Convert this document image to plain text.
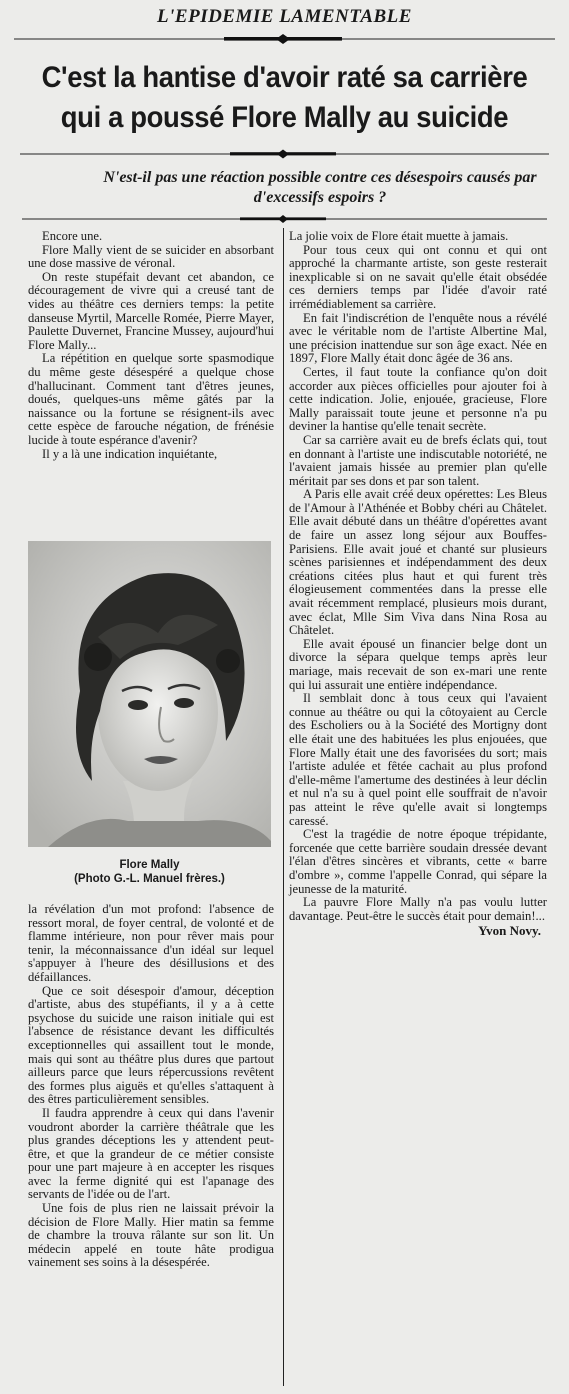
L'EPIDEMIE LAMENTABLE
C'est la hantise d'avoir raté sa carrière
qui a poussé Flore Mally au suicide
N'est-il pas une réaction possible contre ces désespoirs causés par d'excessifs espoirs ?

Encore une.

Flore Mally vient de se suicider en absorbant une dose massive de véronal.

On reste stupéfait devant cet abandon, ce découragement de vivre qui a creusé tant de vides au théâtre ces derniers temps: la petite danseuse Myrtil, Marcelle Romée, Pierre Mayer, Paulette Duvernet, Francine Mussey, aujourd'hui Flore Mally...

La répétition en quelque sorte spasmodique du même geste désespéré a quelque chose d'hallucinant. Comment tant d'êtres jeunes, doués, quelques-uns même gâtés par la naissance ou la fortune se résignent-ils avec cette espèce de farouche négation, de frénésie lucide à toute espérance d'avenir?

Il y a là une indication inquiétante,

Flore Mally
(Photo G.-L. Manuel frères.)

la révélation d'un mot profond: l'absence de ressort moral, de foyer central, de volonté et de flamme intérieure, non pour rêver mais pour tenir, la méconnaissance d'un idéal sur lequel s'appuyer à l'heure des désillusions et des défaillances.

Que ce soit désespoir d'amour, déception d'artiste, abus des stupéfiants, il y a à cette psychose du suicide une raison initiale qui est l'absence de résistance devant les difficultés exceptionnelles qui assaillent tout le monde, mais qui sont au théâtre plus dures que partout ailleurs parce que leurs répercussions revêtent des formes plus aiguës et qu'elles s'attaquent à des êtres particulièrement sensibles.

Il faudra apprendre à ceux qui dans l'avenir voudront aborder la carrière théâtrale que les plus grandes déceptions les y attendent peut-être, et que la grandeur de ce métier consiste pour une part majeure à en accepter les risques avec la ferme dignité qui est l'apanage des servants de l'idée ou de l'art.

Une fois de plus rien ne laissait prévoir la décision de Flore Mally. Hier matin sa femme de chambre la trouva râlante sur son lit. Un médecin appelé en toute hâte prodigua vainement ses soins à la désespérée.

La jolie voix de Flore était muette à jamais.

Pour tous ceux qui ont connu et qui ont approché la charmante artiste, son geste resterait inexplicable si on ne savait qu'elle était obsédée ces derniers temps par l'idée d'avoir raté irrémédiablement sa carrière.

En fait l'indiscrétion de l'enquête nous a révélé avec le véritable nom de l'artiste Albertine Mal, une précision inattendue sur son âge exact. Née en 1897, Flore Mally était donc âgée de 36 ans.

Certes, il faut toute la confiance qu'on doit accorder aux pièces officielles pour ajouter foi à cette indication. Jolie, enjouée, gracieuse, Flore Mally paraissait toute jeune et personne n'a pu deviner la hantise qu'elle tenait secrète.

Car sa carrière avait eu de brefs éclats qui, tout en donnant à l'artiste une indiscutable notoriété, ne l'avaient jamais hissée au premier plan qu'elle méritait par ses dons et par son talent.

A Paris elle avait créé deux opérettes: Les Bleus de l'Amour à l'Athénée et Bobby chéri au Châtelet. Elle avait débuté dans un théâtre d'opérettes avant de faire un assez long séjour aux Bouffes-Parisiens. Elle avait joué et chanté sur plusieurs scènes parisiennes et indépendamment des deux créations citées plus haut et qui furent très élogieusement commentées dans la presse elle avait récemment remplacé, plusieurs mois durant, avec éclat, Mlle Sim Viva dans Nina Rosa au Châtelet.

Elle avait épousé un financier belge dont un divorce la sépara quelque temps après leur mariage, mais recevait de son ex-mari une rente qui lui assurait une entière indépendance.

Il semblait donc à tous ceux qui l'avaient connue au théâtre ou qui la côtoyaient au Cercle des Escholiers ou à la Société des Mortigny dont elle était une des habituées les plus enjouées, que Flore Mally était une des favorisées du sort; mais l'artiste adulée et fêtée cachait au plus profond d'elle-même l'amertume des destinées à leur déclin et nul n'a su à quel point elle souffrait de n'avoir pas atteint le rêve qu'elle avait si longtemps caressé.

C'est la tragédie de notre époque trépidante, forcenée que cette barrière soudain dressée devant l'élan d'êtres sincères et vibrants, cette « barre d'ombre », comme l'appelle Conrad, qui sépare la jeunesse de la maturité.

La pauvre Flore Mally n'a pas voulu lutter davantage. Peut-être le succès était pour demain!...

Yvon Novy.
